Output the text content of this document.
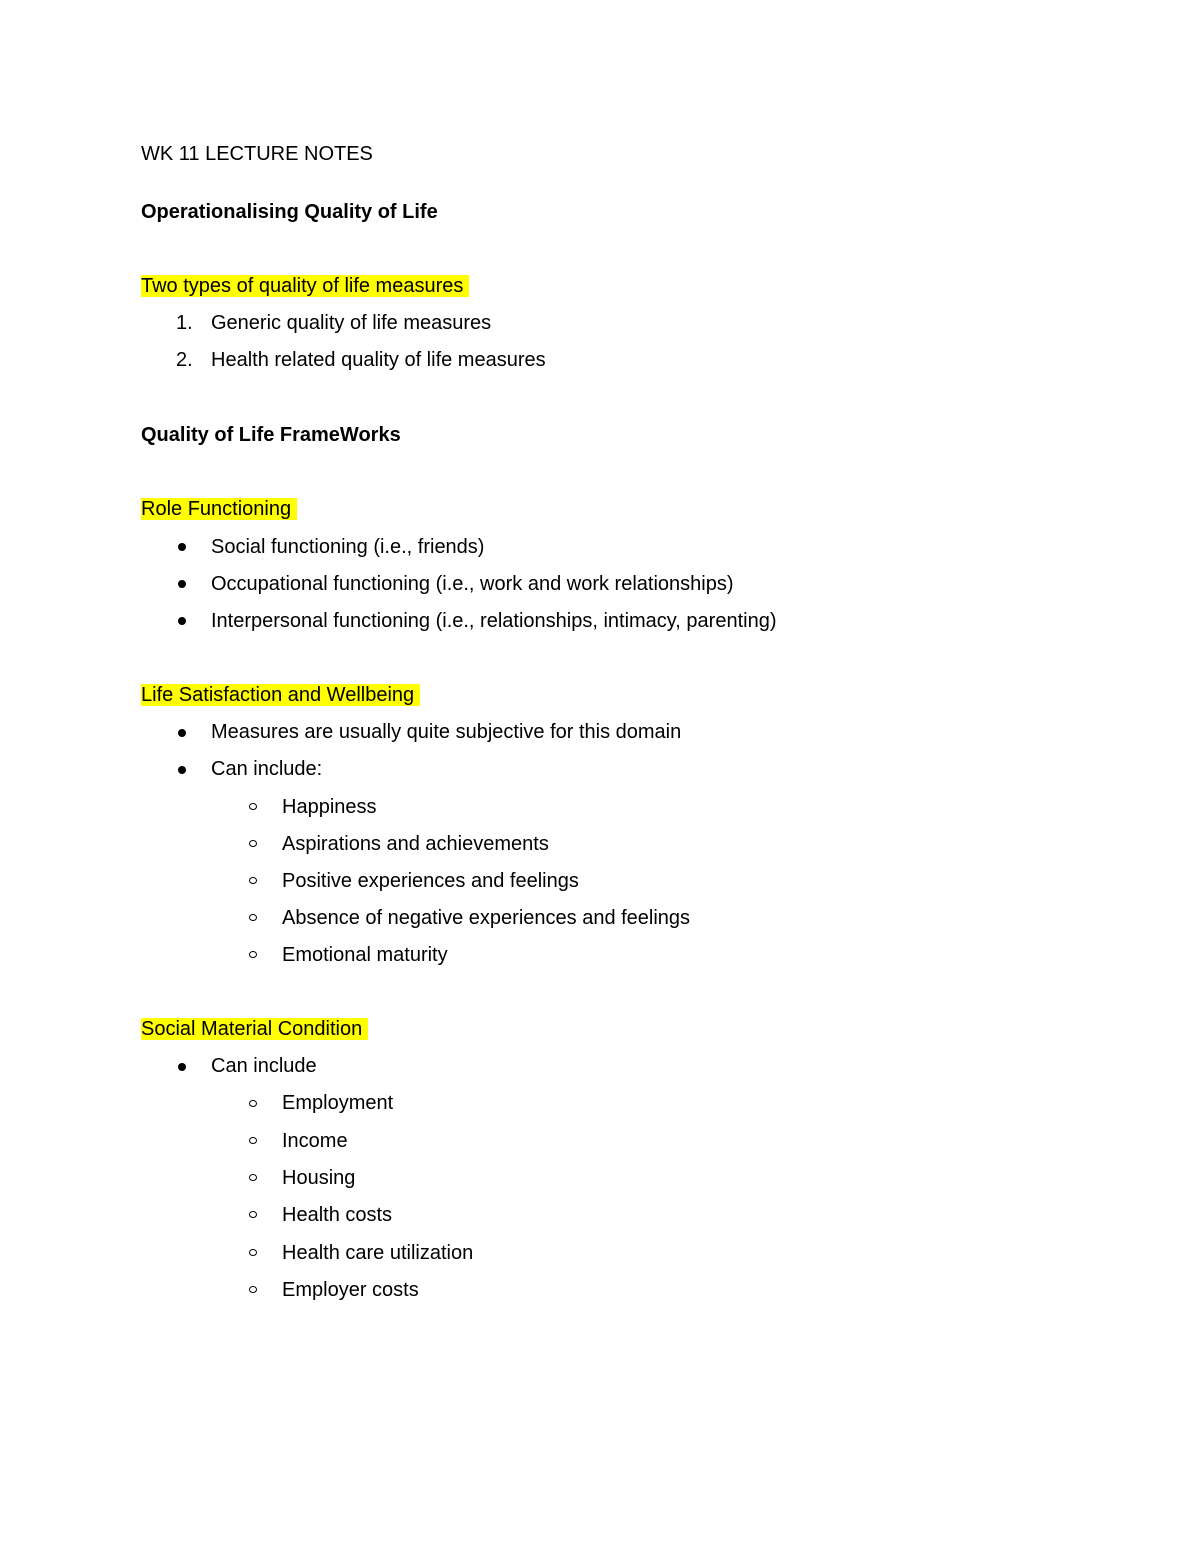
WK 11 LECTURE NOTES
Operationalising Quality of Life
Two types of quality of life measures
1. Generic quality of life measures
2. Health related quality of life measures
Quality of Life FrameWorks
Role Functioning
Social functioning (i.e., friends)
Occupational functioning (i.e., work and work relationships)
Interpersonal functioning (i.e., relationships, intimacy, parenting)
Life Satisfaction and Wellbeing
Measures are usually quite subjective for this domain
Can include:
Happiness
Aspirations and achievements
Positive experiences and feelings
Absence of negative experiences and feelings
Emotional maturity
Social Material Condition
Can include
Employment
Income
Housing
Health costs
Health care utilization
Employer costs
